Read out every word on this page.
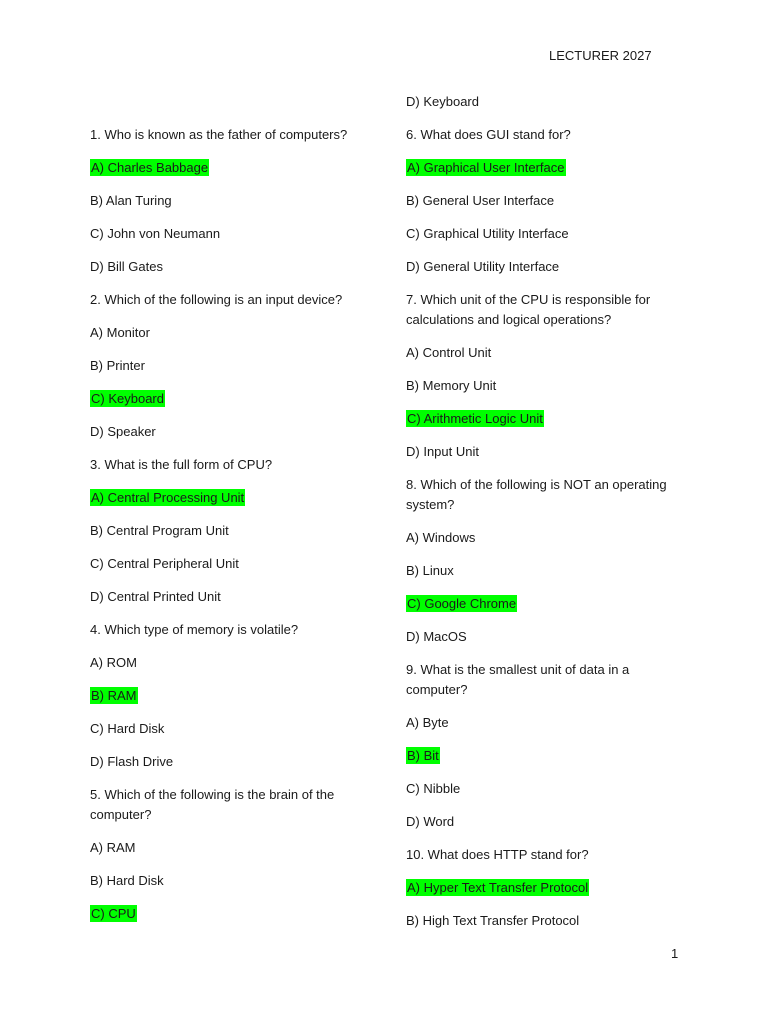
LECTURER 2027
1. Who is known as the father of computers?
A) Charles Babbage
B) Alan Turing
C) John von Neumann
D) Bill Gates
2. Which of the following is an input device?
A) Monitor
B) Printer
C) Keyboard
D) Speaker
3. What is the full form of CPU?
A) Central Processing Unit
B) Central Program Unit
C) Central Peripheral Unit
D) Central Printed Unit
4. Which type of memory is volatile?
A) ROM
B) RAM
C) Hard Disk
D) Flash Drive
5. Which of the following is the brain of the computer?
A) RAM
B) Hard Disk
C) CPU
D) Keyboard
6. What does GUI stand for?
A) Graphical User Interface
B) General User Interface
C) Graphical Utility Interface
D) General Utility Interface
7. Which unit of the CPU is responsible for calculations and logical operations?
A) Control Unit
B) Memory Unit
C) Arithmetic Logic Unit
D) Input Unit
8. Which of the following is NOT an operating system?
A) Windows
B) Linux
C) Google Chrome
D) MacOS
9. What is the smallest unit of data in a computer?
A) Byte
B) Bit
C) Nibble
D) Word
10. What does HTTP stand for?
A) Hyper Text Transfer Protocol
B) High Text Transfer Protocol
1
